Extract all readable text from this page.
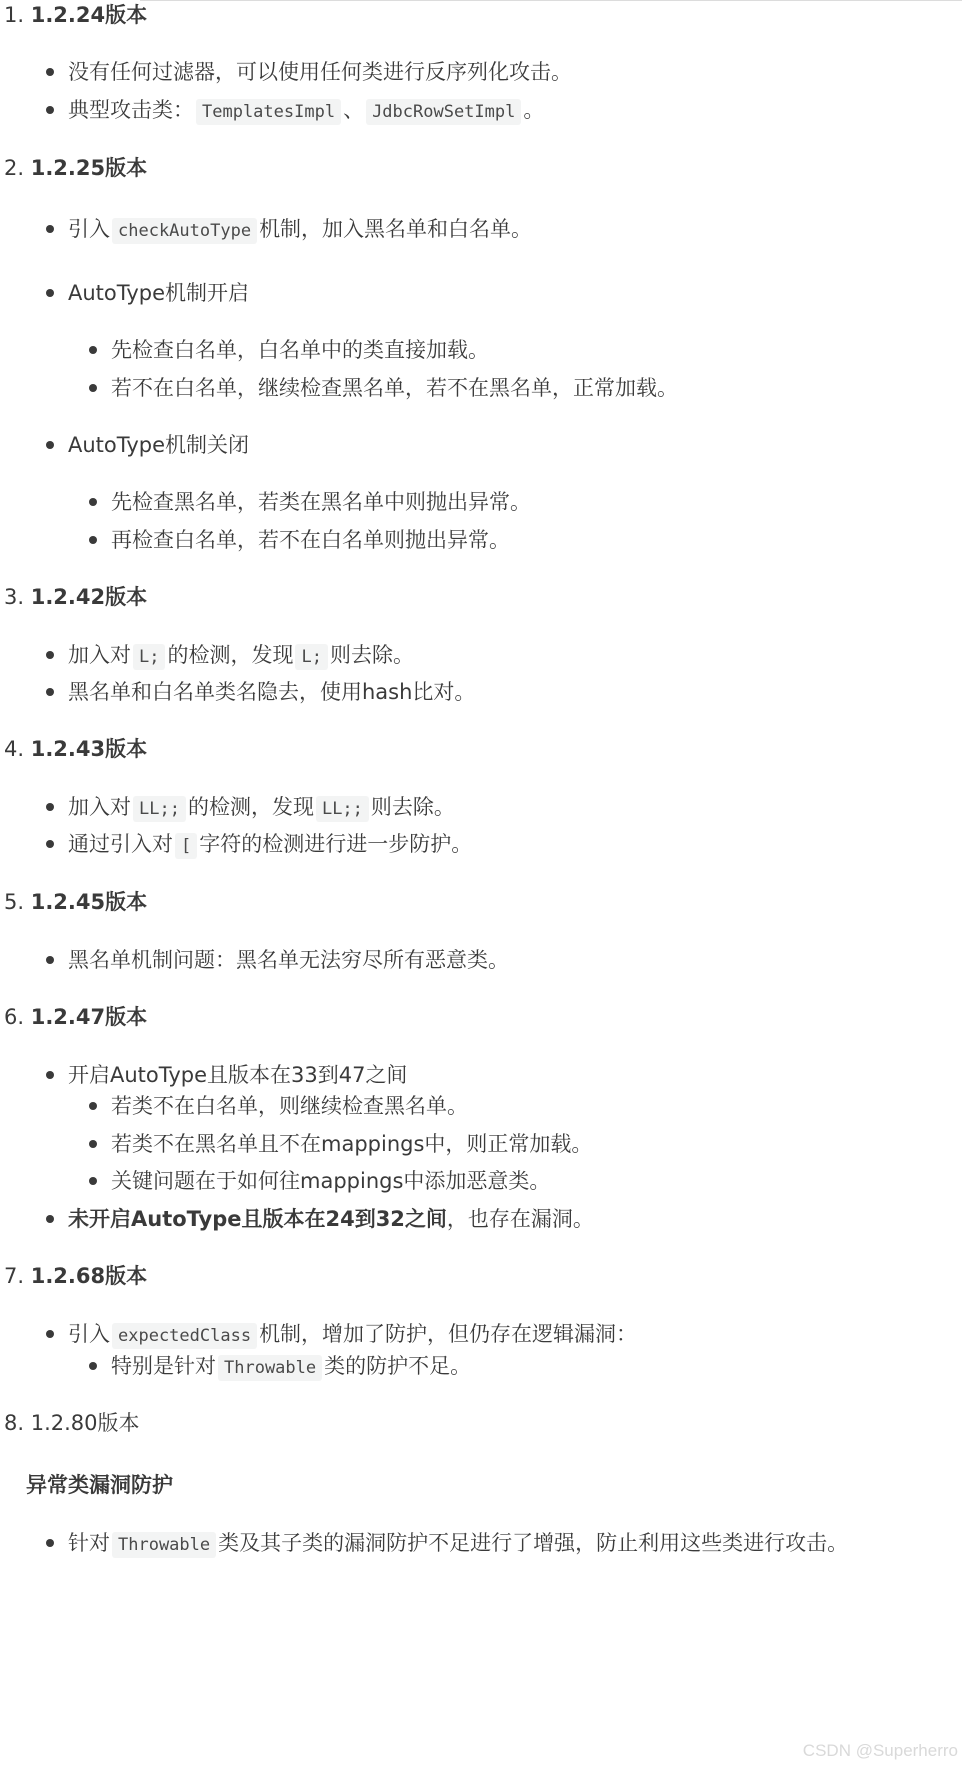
1. 1.2.24版本
没有任何过滤器，可以使用任何类进行反序列化攻击。
典型攻击类： TemplatesImpl 、 JdbcRowSetImpl 。
2. 1.2.25版本
引入 checkAutoType 机制，加入黑名单和白名单。
AutoType机制开启
先检查白名单，白名单中的类直接加载。
若不在白名单，继续检查黑名单，若不在黑名单，正常加载。
AutoType机制关闭
先检查黑名单，若类在黑名单中则抛出异常。
再检查白名单，若不在白名单则抛出异常。
3. 1.2.42版本
加入对 L; 的检测，发现 L; 则去除。
黑名单和白名单类名隐去，使用hash比对。
4. 1.2.43版本
加入对 LL;; 的检测，发现 LL;; 则去除。
通过引入对 [ 字符的检测进行进一步防护。
5. 1.2.45版本
黑名单机制问题：黑名单无法穷尽所有恶意类。
6. 1.2.47版本
开启AutoType且版本在33到47之间
若类不在白名单，则继续检查黑名单。
若类不在黑名单且不在mappings中，则正常加载。
关键问题在于如何往mappings中添加恶意类。
未开启AutoType且版本在24到32之间，也存在漏洞。
7. 1.2.68版本
引入 expectedClass 机制，增加了防护，但仍存在逻辑漏洞：
特别是针对 Throwable 类的防护不足。
8. 1.2.80版本
异常类漏洞防护
针对 Throwable 类及其子类的漏洞防护不足进行了增强，防止利用这些类进行攻击。
CSDN @Superherro
